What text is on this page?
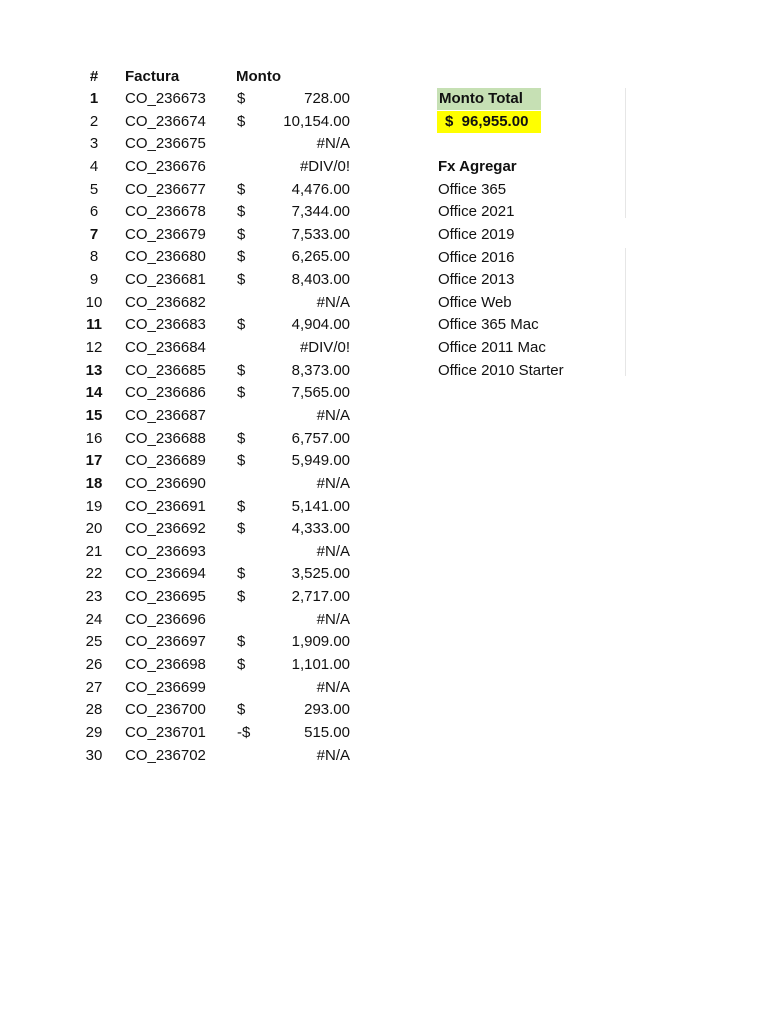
#	Factura	Monto
1	CO_236673	$	728.00
2	CO_236674	$	10,154.00
3	CO_236675	#N/A
4	CO_236676	#DIV/0!
5	CO_236677	$	4,476.00
6	CO_236678	$	7,344.00
7	CO_236679	$	7,533.00
8	CO_236680	$	6,265.00
9	CO_236681	$	8,403.00
10 CO_236682	#N/A
11 CO_236683	$	4,904.00
12 CO_236684	#DIV/0!
13 CO_236685	$	8,373.00
14 CO_236686	$	7,565.00
15 CO_236687	#N/A
16 CO_236688	$	6,757.00
17 CO_236689	$	5,949.00
18 CO_236690	#N/A
19 CO_236691	$	5,141.00
20 CO_236692	$	4,333.00
21 CO_236693	#N/A
22 CO_236694	$	3,525.00
23 CO_236695	$	2,717.00
24 CO_236696	#N/A
25 CO_236697	$	1,909.00
26 CO_236698	$	1,101.00
27 CO_236699	#N/A
28 CO_236700	$	293.00
29 CO_236701	-$	515.00
30 CO_236702	#N/A
Monto Total
$  96,955.00
Fx Agregar
Office 365
Office 2021
Office 2019
Office 2016
Office 2013
Office Web
Office 365 Mac
Office 2011 Mac
Office 2010 Starter
